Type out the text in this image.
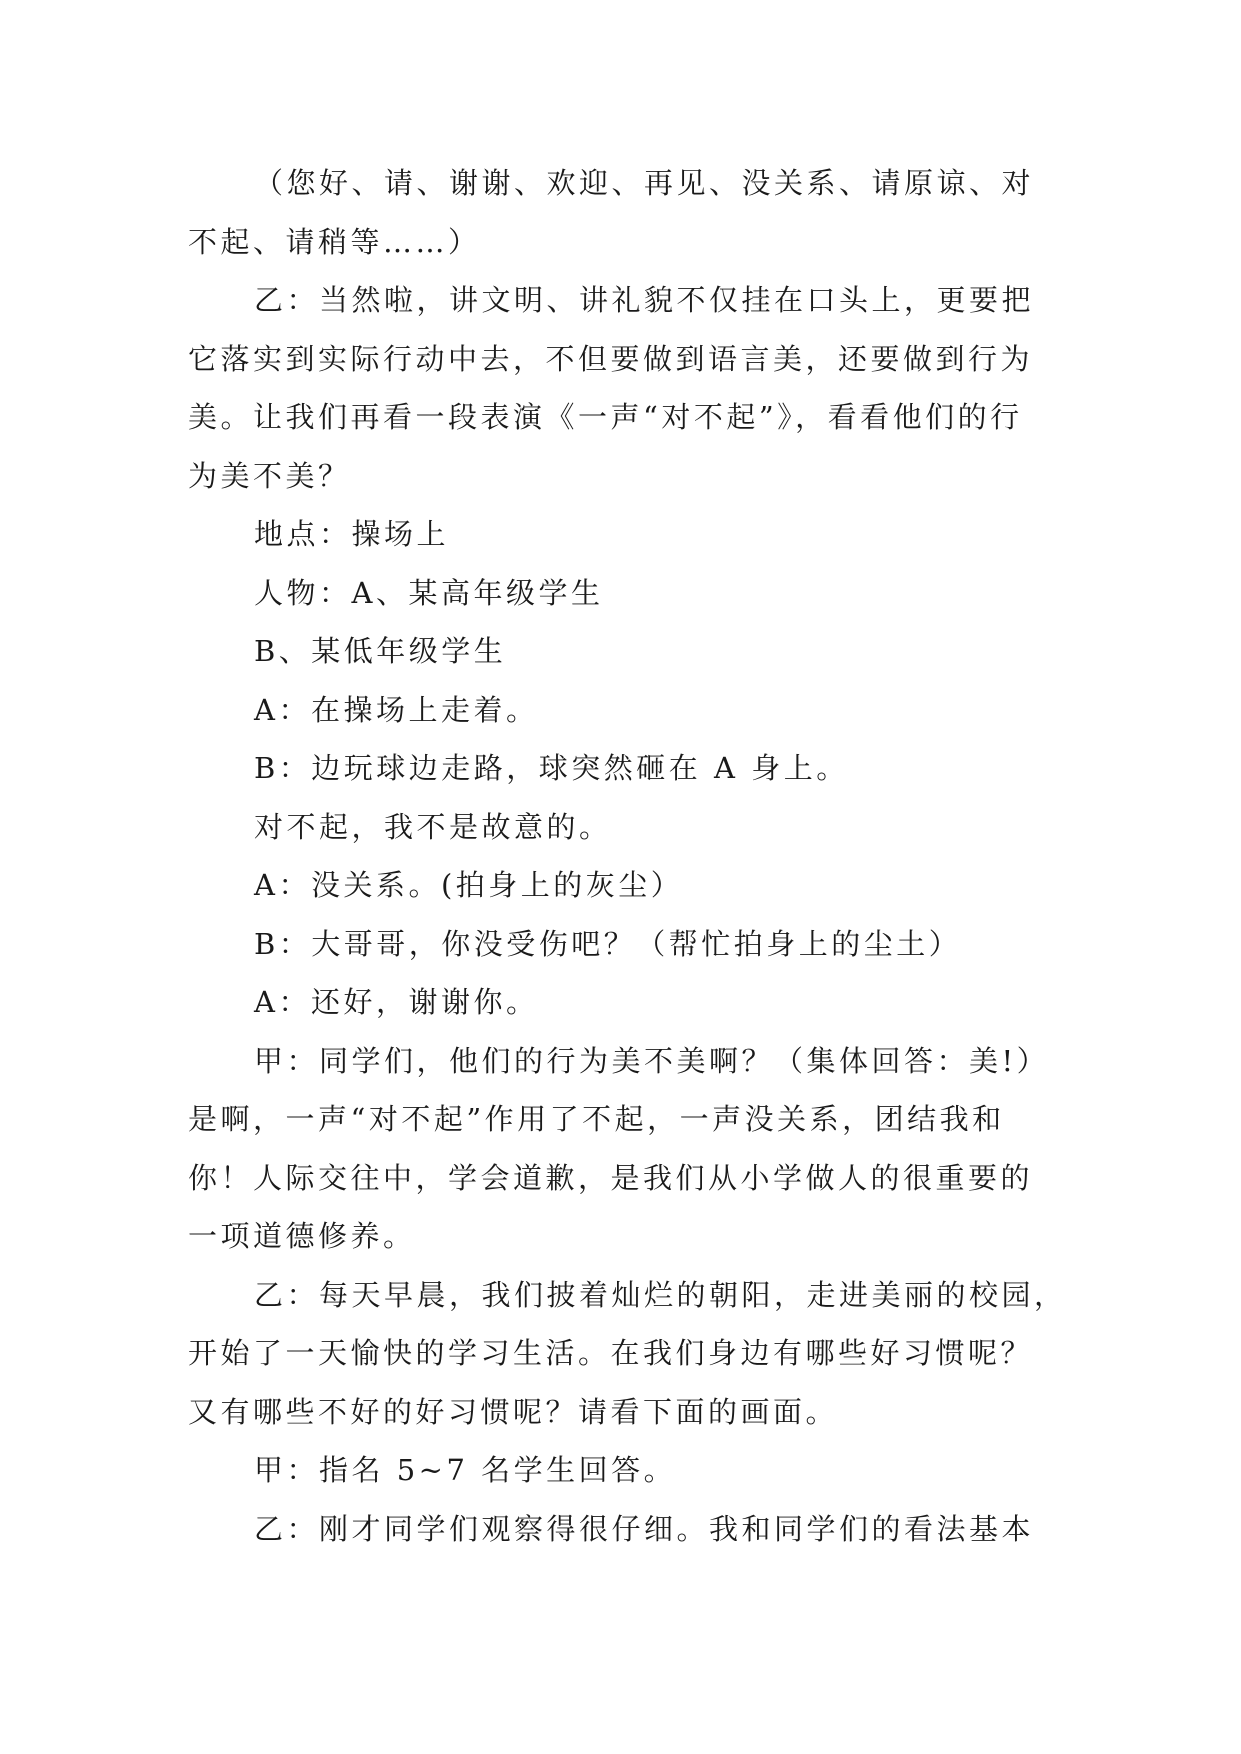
（您好、请、谢谢、欢迎、再见、没关系、请原谅、对
不起、请稍等……）

乙：当然啦，讲文明、讲礼貌不仅挂在口头上，更要把
它落实到实际行动中去，不但要做到语言美，还要做到行为
美。让我们再看一段表演《一声“对不起”》，看看他们的行
为美不美？

地点：操场上

人物：A、某高年级学生

B、某低年级学生

A：在操场上走着。

B：边玩球边走路，球突然砸在 A 身上。

对不起，我不是故意的。

A：没关系。(拍身上的灰尘）

B：大哥哥，你没受伤吧？（帮忙拍身上的尘土）

A：还好，谢谢你。

甲：同学们，他们的行为美不美啊？（集体回答：美!）
是啊，一声“对不起”作用了不起，一声没关系，团结我和
你！人际交往中，学会道歉，是我们从小学做人的很重要的
一项道德修养。

乙：每天早晨，我们披着灿烂的朝阳，走进美丽的校园，
开始了一天愉快的学习生活。在我们身边有哪些好习惯呢？
又有哪些不好的好习惯呢？请看下面的画面。

甲：指名 5~7 名学生回答。

乙：刚才同学们观察得很仔细。我和同学们的看法基本
